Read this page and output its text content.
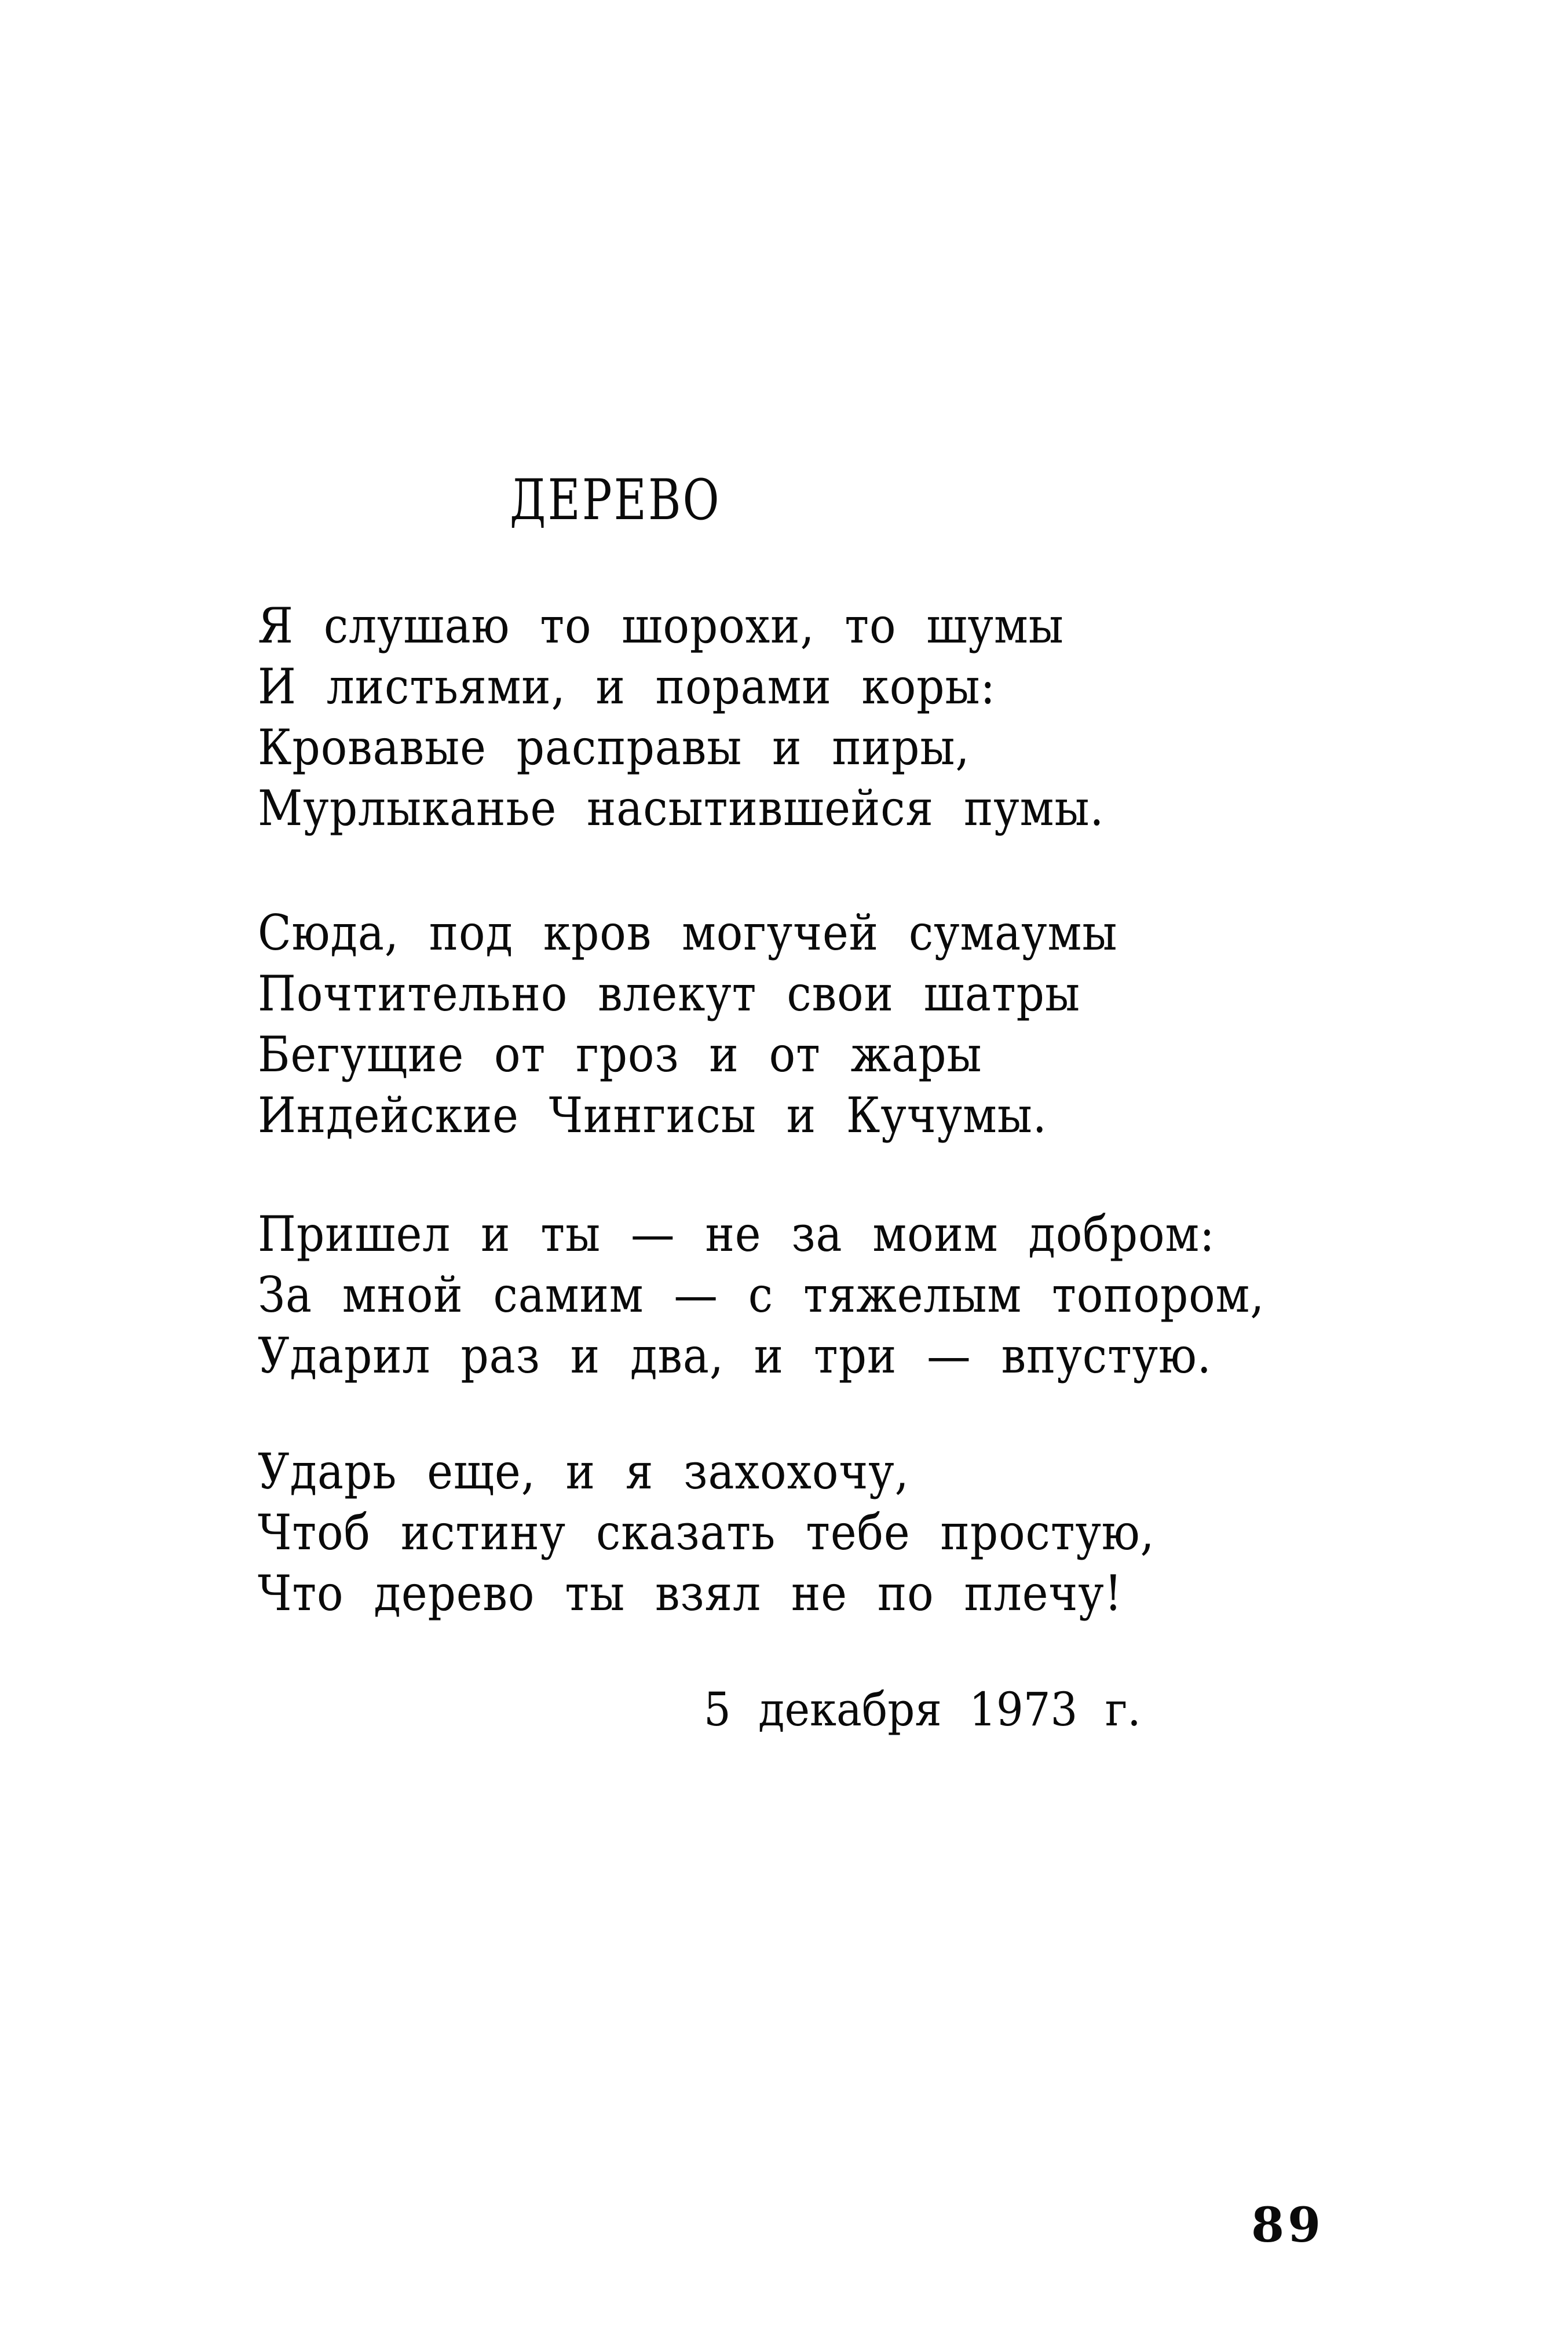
ДЕРЕВО
Я слушаю то шорохи, то шумы
И листьями, и порами коры:
Кровавые расправы и пиры,
Мурлыканье насытившейся пумы.
Сюда, под кров могучей сумаумы
Почтительно влекут свои шатры
Бегущие от гроз и от жары
Индейские Чингисы и Кучумы.
Пришел и ты — не за моим добром:
За мной самим — с тяжелым топором,
Ударил раз и два, и три — впустую.
Ударь еще, и я захохочу,
Чтоб истину сказать тебе простую,
Что дерево ты взял не по плечу!
5 декабря 1973 г.
89
